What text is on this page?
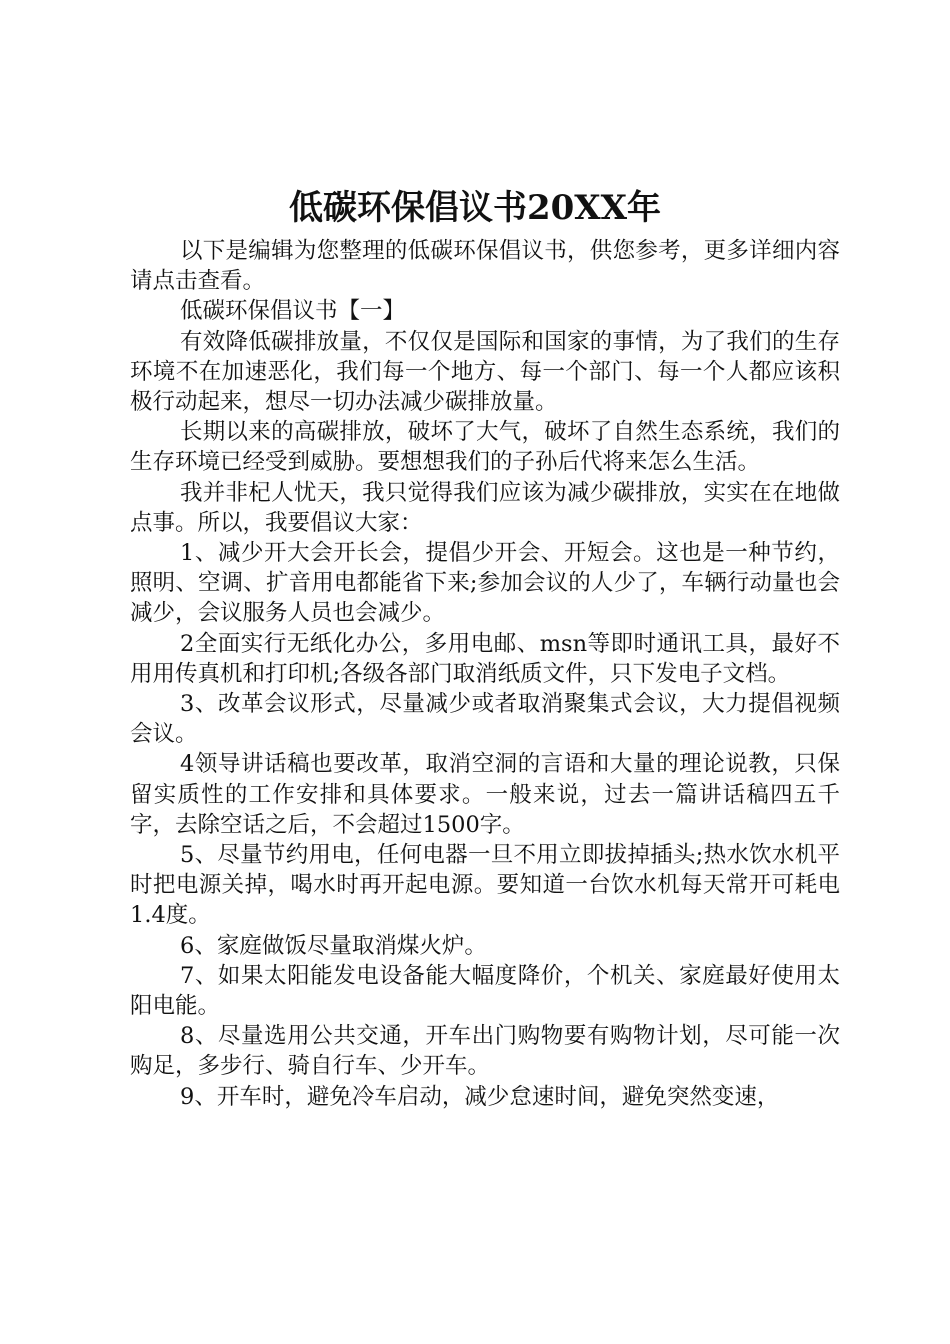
低碳环保倡议书20XX年

以下是编辑为您整理的低碳环保倡议书，供您参考，更多详细内容请点击查看。

低碳环保倡议书【一】

有效降低碳排放量，不仅仅是国际和国家的事情，为了我们的生存环境不在加速恶化，我们每一个地方、每一个部门、每一个人都应该积极行动起来，想尽一切办法减少碳排放量。

长期以来的高碳排放，破坏了大气，破坏了自然生态系统，我们的生存环境已经受到威胁。要想想我们的子孙后代将来怎么生活。

我并非杞人忧天，我只觉得我们应该为减少碳排放，实实在在地做点事。所以，我要倡议大家：

1、减少开大会开长会，提倡少开会、开短会。这也是一种节约，照明、空调、扩音用电都能省下来;参加会议的人少了，车辆行动量也会减少，会议服务人员也会减少。

2全面实行无纸化办公，多用电邮、msn等即时通讯工具，最好不用用传真机和打印机;各级各部门取消纸质文件，只下发电子文档。

3、改革会议形式，尽量减少或者取消聚集式会议，大力提倡视频会议。

4领导讲话稿也要改革，取消空洞的言语和大量的理论说教，只保留实质性的工作安排和具体要求。一般来说，过去一篇讲话稿四五千字，去除空话之后，不会超过1500字。

5、尽量节约用电，任何电器一旦不用立即拔掉插头;热水饮水机平时把电源关掉，喝水时再开起电源。要知道一台饮水机每天常开可耗电1.4度。

6、家庭做饭尽量取消煤火炉。

7、如果太阳能发电设备能大幅度降价，个机关、家庭最好使用太阳电能。

8、尽量选用公共交通，开车出门购物要有购物计划，尽可能一次购足，多步行、骑自行车、少开车。

9、开车时，避免冷车启动，减少怠速时间，避免突然变速，
